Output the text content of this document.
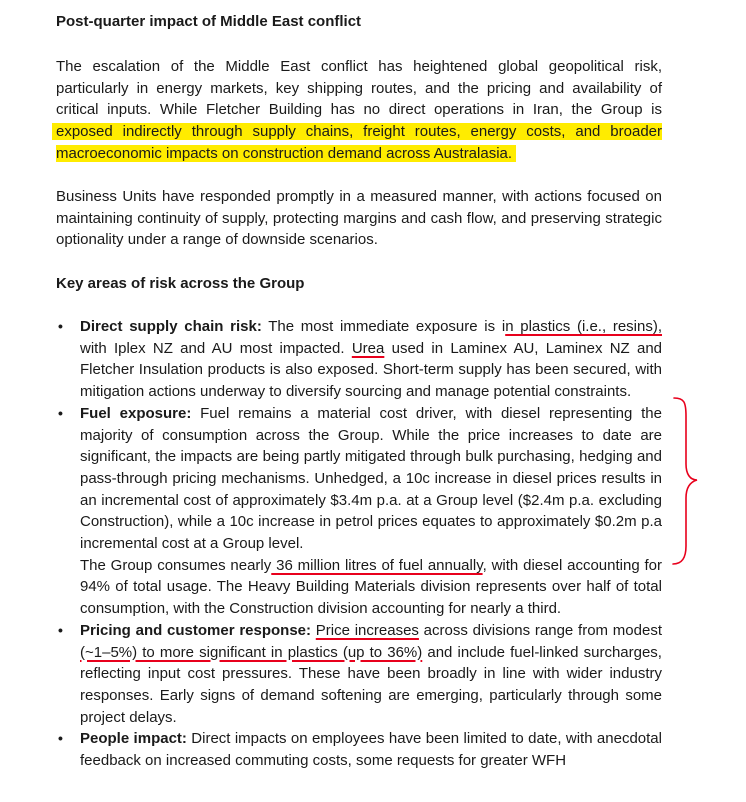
Post-quarter impact of Middle East conflict
The escalation of the Middle East conflict has heightened global geopolitical risk, particularly in energy markets, key shipping routes, and the pricing and availability of critical inputs. While Fletcher Building has no direct operations in Iran, the Group is exposed indirectly through supply chains, freight routes, energy costs, and broader macroeconomic impacts on construction demand across Australasia.
Business Units have responded promptly in a measured manner, with actions focused on maintaining continuity of supply, protecting margins and cash flow, and preserving strategic optionality under a range of downside scenarios.
Key areas of risk across the Group
• Direct supply chain risk: The most immediate exposure is in plastics (i.e., resins), with Iplex NZ and AU most impacted. Urea used in Laminex AU, Laminex NZ and Fletcher Insulation products is also exposed. Short-term supply has been secured, with mitigation actions underway to diversify sourcing and manage potential constraints.
• Fuel exposure: Fuel remains a material cost driver, with diesel representing the majority of consumption across the Group. While the price increases to date are significant, the impacts are being partly mitigated through bulk purchasing, hedging and pass-through pricing mechanisms. Unhedged, a 10c increase in diesel prices results in an incremental cost of approximately $3.4m p.a. at a Group level ($2.4m p.a. excluding Construction), while a 10c increase in petrol prices equates to approximately $0.2m p.a incremental cost at a Group level.
The Group consumes nearly 36 million litres of fuel annually, with diesel accounting for 94% of total usage. The Heavy Building Materials division represents over half of total consumption, with the Construction division accounting for nearly a third.
• Pricing and customer response: Price increases across divisions range from modest (~1–5%) to more significant in plastics (up to 36%) and include fuel-linked surcharges, reflecting input cost pressures. These have been broadly in line with wider industry responses. Early signs of demand softening are emerging, particularly through some project delays.
• People impact: Direct impacts on employees have been limited to date, with anecdotal feedback on increased commuting costs, some requests for greater WFH
